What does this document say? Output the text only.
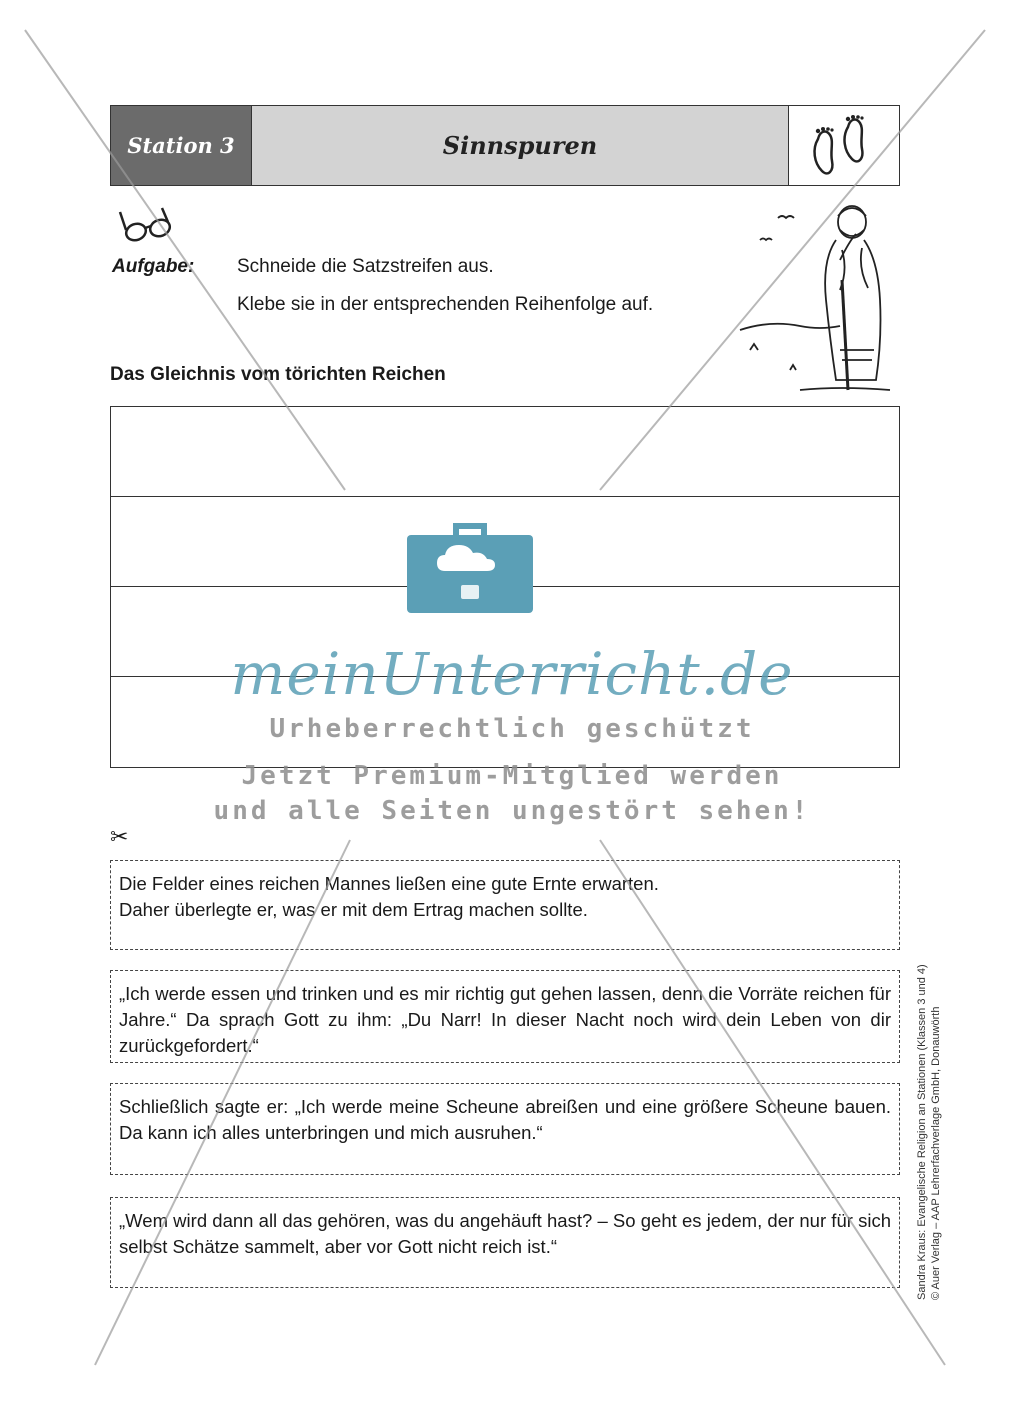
Station 3	Sinnspuren
Aufgabe: Schneide die Satzstreifen aus.
Klebe sie in der entsprechenden Reihenfolge auf.
Das Gleichnis vom törichten Reichen
✂

Die Felder eines reichen Mannes ließen eine gute Ernte erwarten.

Daher überlegte er, was er mit dem Ertrag machen sollte.

„Ich werde essen und trinken und es mir richtig gut gehen lassen, denn die Vorräte reichen für Jahre.“ Da sprach Gott zu ihm: „Du Narr! In dieser Nacht noch wird dein Leben von dir zurückgefordert.“

Schließlich sagte er: „Ich werde meine Scheune abreißen und eine größere Scheune bauen. Da kann ich alles unterbringen und mich ausruhen.“

„Wem wird dann all das gehören, was du angehäuft hast? – So geht es jedem, der nur für sich selbst Schätze sammelt, aber vor Gott nicht reich ist.“	Sandra Kraus: Evangelische Religion an Stationen (Klassen 3 und 4) © Auer Verlag – AAP Lehrerfachverlage GmbH, Donauwörth
meinUnterricht.de
Urheberrechtlich geschützt
Jetzt Premium-Mitglied werden
und alle Seiten ungestört sehen!
